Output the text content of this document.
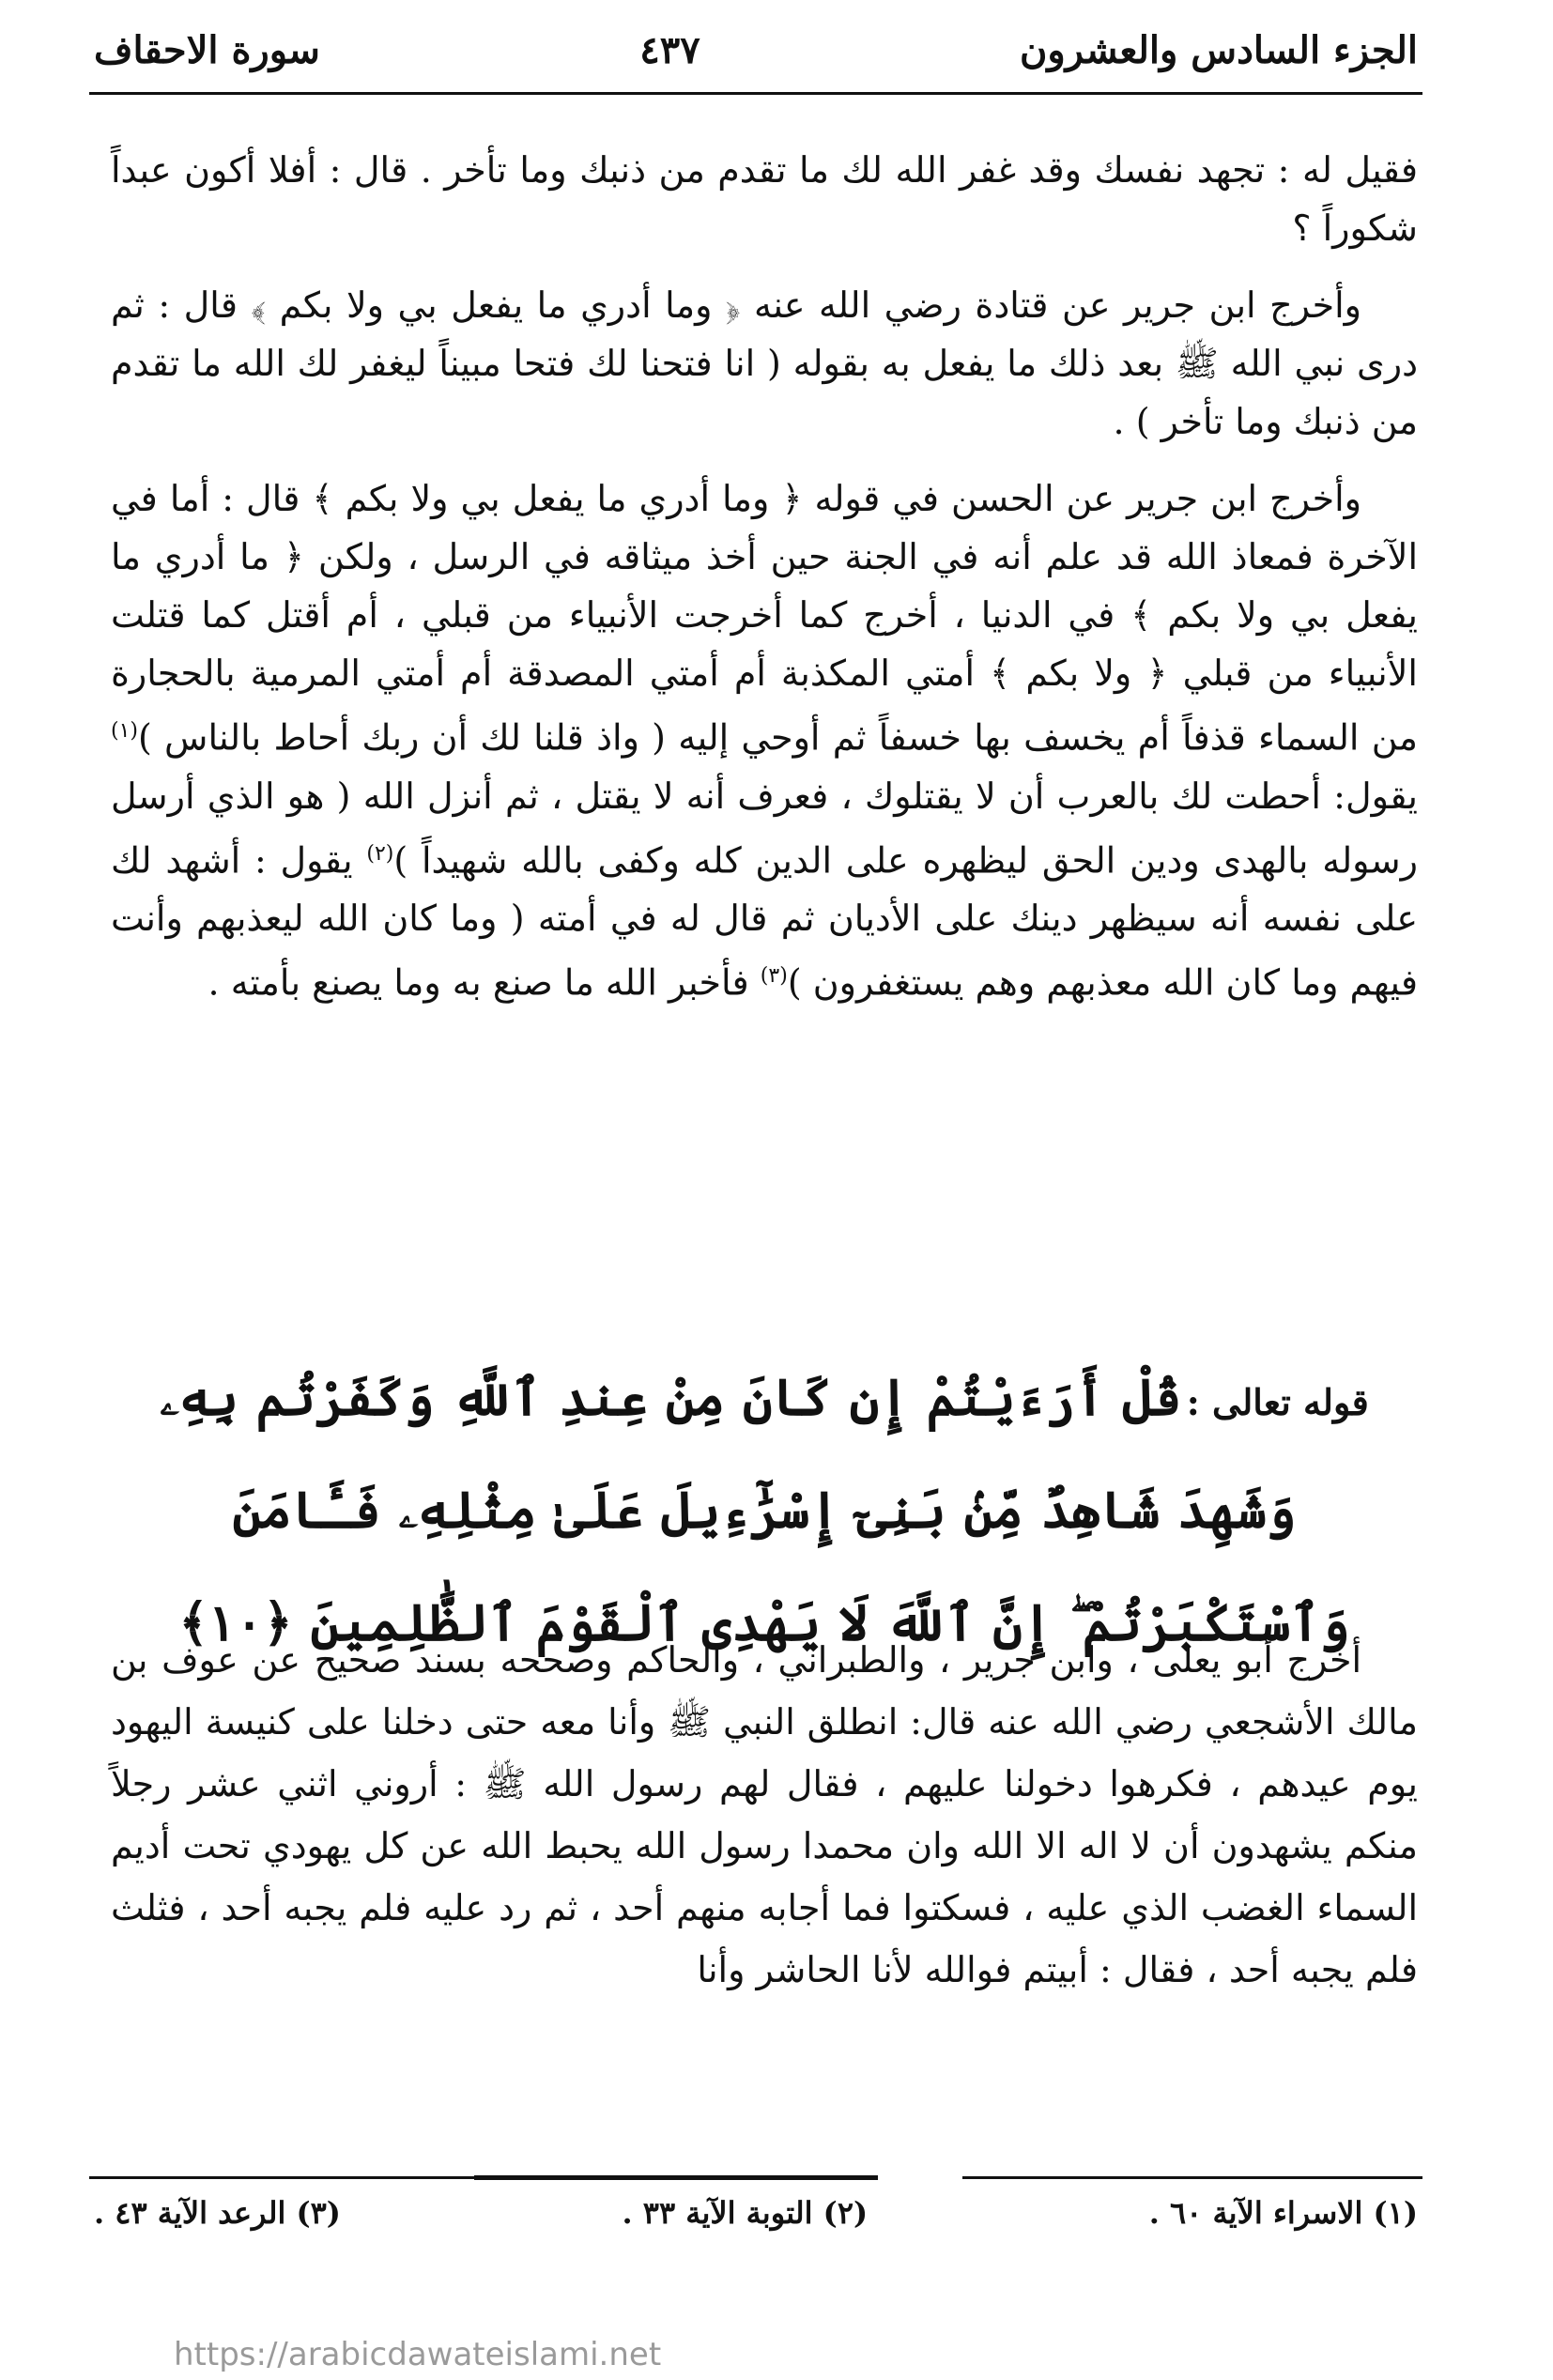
الجزء السادس والعشرون
٤٣٧
سورة الاحقاف

فقيل له : تجهد نفسك وقد غفر الله لك ما تقدم من ذنبك وما تأخر . قال : أفلا أكون عبداً شكوراً ؟

وأخرج ابن جرير عن قتادة رضي الله عنه ﴿ وما أدري ما يفعل بي ولا بكم ﴾ قال : ثم درى نبي الله ﷺ بعد ذلك ما يفعل به بقوله ( انا فتحنا لك فتحا مبيناً ليغفر لك الله ما تقدم من ذنبك وما تأخر ) .

وأخرج ابن جرير عن الحسن في قوله ﴿ وما أدري ما يفعل بي ولا بكم ﴾ قال : أما في الآخرة فمعاذ الله قد علم أنه في الجنة حين أخذ ميثاقه في الرسل ، ولكن ﴿ ما أدري ما يفعل بي ولا بكم ﴾ في الدنيا ، أخرج كما أخرجت الأنبياء من قبلي ، أم أقتل كما قتلت الأنبياء من قبلي ﴿ ولا بكم ﴾ أمتي المكذبة أم أمتي المصدقة أم أمتي المرمية بالحجارة من السماء قذفاً أم يخسف بها خسفاً ثم أوحي إليه ( واذ قلنا لك أن ربك أحاط بالناس )$^{(١)}$ يقول: أحطت لك بالعرب أن لا يقتلوك ، فعرف أنه لا يقتل ، ثم أنزل الله ( هو الذي أرسل رسوله بالهدى ودين الحق ليظهره على الدين كله وكفى بالله شهيداً )$^{(٢)}$ يقول : أشهد لك على نفسه أنه سيظهر دينك على الأديان ثم قال له في أمته ( وما كان الله ليعذبهم وأنت فيهم وما كان الله معذبهم وهم يستغفرون )$^{(٣)}$ فأخبر الله ما صنع به وما يصنع بأمته .

قوله تعالى : قُلْ أَرَءَيْتُمْ إِن كَانَ مِنْ عِندِ ٱللَّهِ وَكَفَرْتُم بِهِۦ وَشَهِدَ شَاهِدٌ مِّنۢ بَنِىٓ إِسْرَٰٓءِيلَ عَلَىٰ مِثْلِهِۦ فَـَٔامَنَ وَٱسْتَكْبَرْتُمْ ۖ إِنَّ ٱللَّهَ لَا يَهْدِى ٱلْقَوْمَ ٱلظَّٰلِمِينَ ﴿١٠﴾

أخرج أبو يعلى ، وابن جرير ، والطبراني ، والحاكم وصححه بسند صحيح عن عوف بن مالك الأشجعي رضي الله عنه قال: انطلق النبي ﷺ وأنا معه حتى دخلنا على كنيسة اليهود يوم عيدهم ، فكرهوا دخولنا عليهم ، فقال لهم رسول الله ﷺ : أروني اثني عشر رجلاً منكم يشهدون أن لا اله الا الله وان محمدا رسول الله يحبط الله عن كل يهودي تحت أديم السماء الغضب الذي عليه ، فسكتوا فما أجابه منهم أحد ، ثم رد عليه فلم يجبه أحد ، فثلث فلم يجبه أحد ، فقال : أبيتم فوالله لأنا الحاشر وأنا

(١) الاسراء الآية ٦٠ .
(٢) التوبة الآية ٣٣ .
(٣) الرعد الآية ٤٣ .
https://arabicdawateislami.net
